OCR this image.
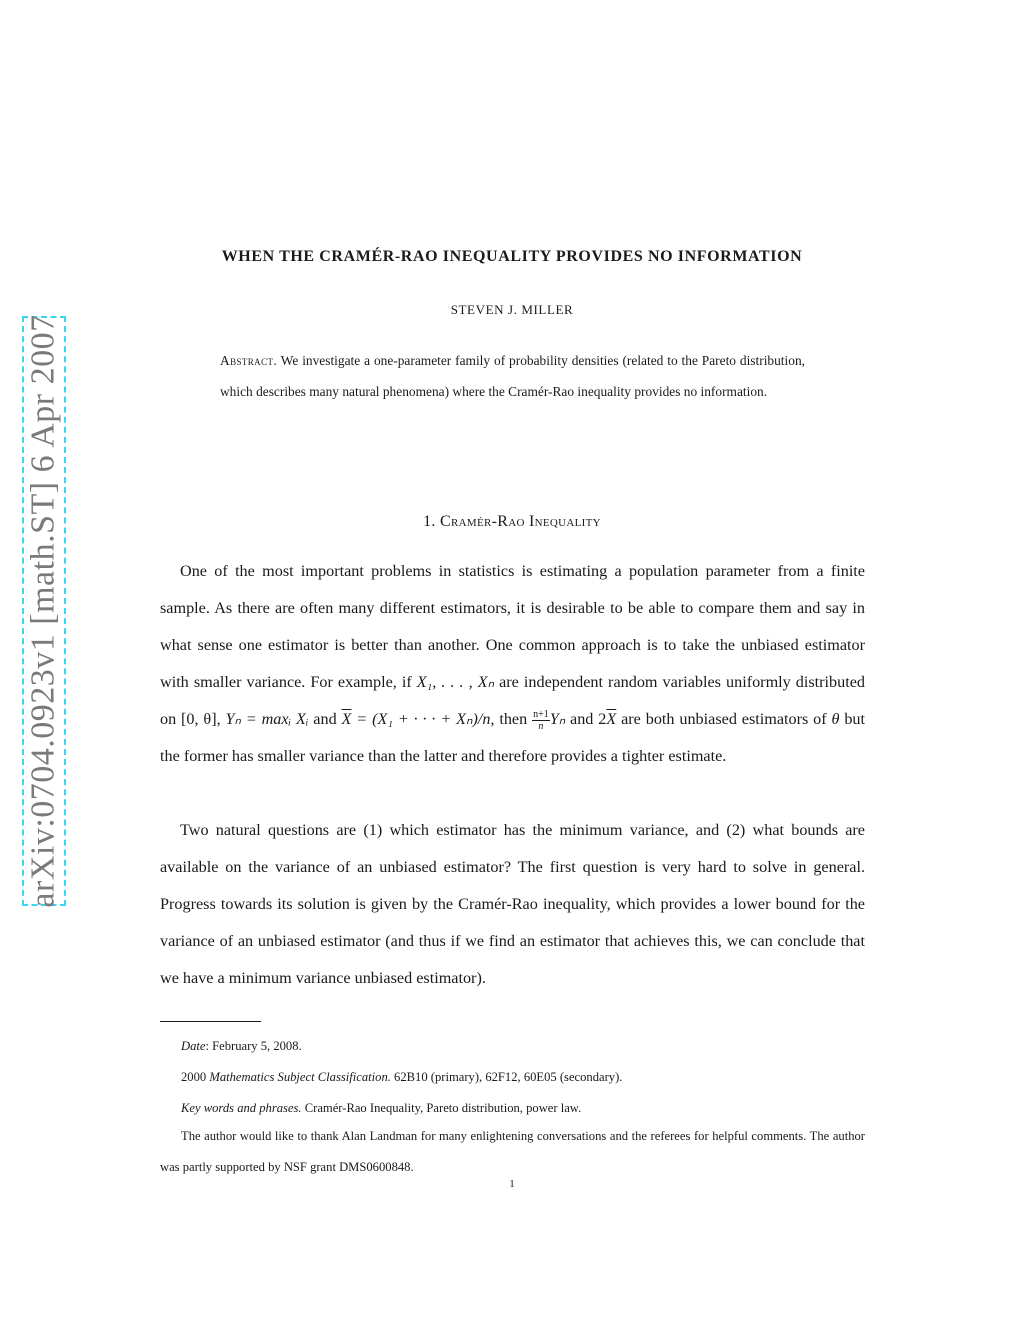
arXiv:0704.0923v1 [math.ST] 6 Apr 2007
WHEN THE CRAMÉR-RAO INEQUALITY PROVIDES NO INFORMATION
STEVEN J. MILLER
Abstract. We investigate a one-parameter family of probability densities (related to the Pareto distribution, which describes many natural phenomena) where the Cramér-Rao inequality provides no information.
1. Cramér-Rao Inequality

One of the most important problems in statistics is estimating a population parameter from a finite sample. As there are often many different estimators, it is desirable to be able to compare them and say in what sense one estimator is better than another. One common approach is to take the unbiased estimator with smaller variance. For example, if X₁, . . . , Xₙ are independent random variables uniformly distributed on [0, θ], Yₙ = maxᵢ Xᵢ and $\overline{X} = (X_1$ + · · · + Xₙ)/n, then $\frac{n+1}{n}$ Yₙ and $2\overline{X}$ are both unbiased estimators of θ but the former has smaller variance than the latter and therefore provides a tighter estimate.

Two natural questions are (1) which estimator has the minimum variance, and (2) what bounds are available on the variance of an unbiased estimator? The first question is very hard to solve in general. Progress towards its solution is given by the Cramér-Rao inequality, which provides a lower bound for the variance of an unbiased estimator (and thus if we find an estimator that achieves this, we can conclude that we have a minimum variance unbiased estimator).

Date: February 5, 2008.
2000 Mathematics Subject Classification. 62B10 (primary), 62F12, 60E05 (secondary).
Key words and phrases. Cramér-Rao Inequality, Pareto distribution, power law.
The author would like to thank Alan Landman for many enlightening conversations and the referees for helpful comments. The author was partly supported by NSF grant DMS0600848.
1
